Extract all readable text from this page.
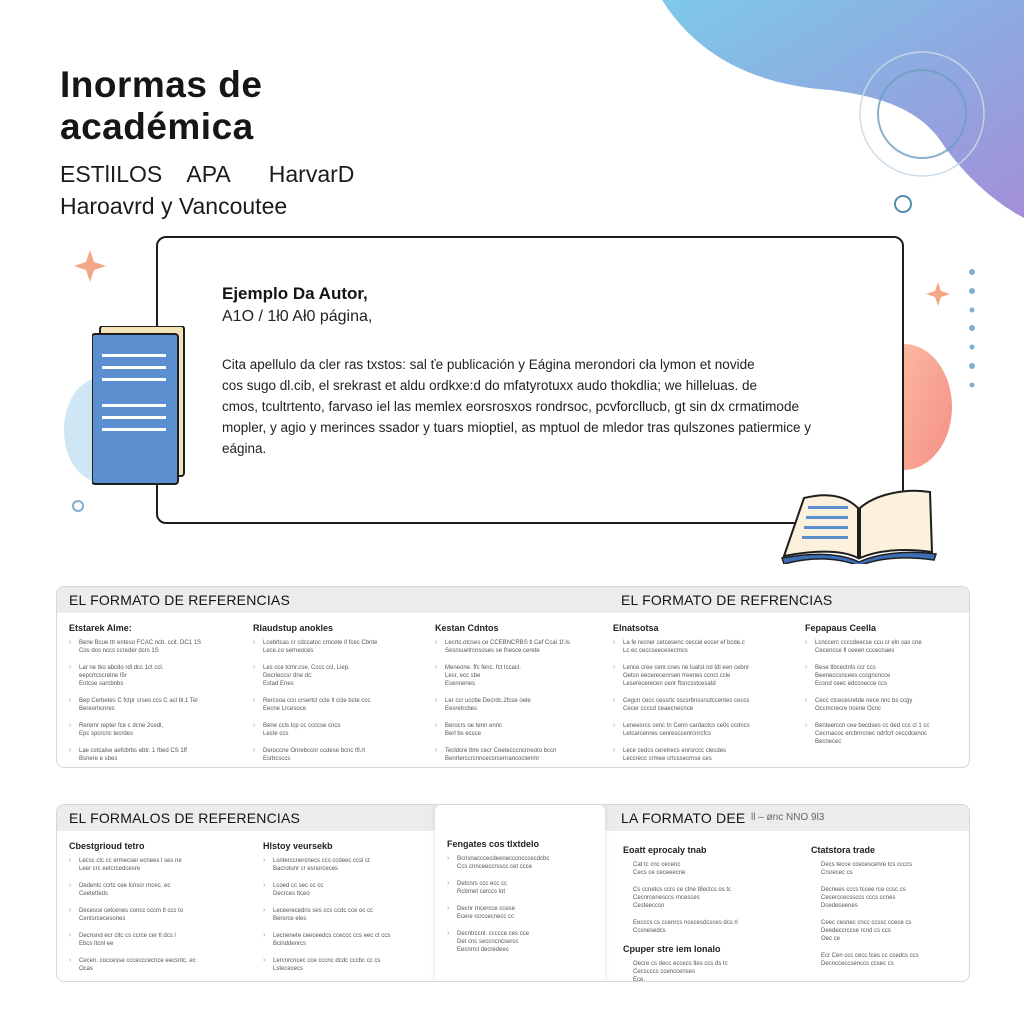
Inormas de
académica
ESTlILOS APA HarvarD
Haroavrd y Vancoutee
Ejemplo Da Autor,
A1O / 1ł0 Ał0 página,
Cita apellulo da cler ras txstos: sal ťe publicación y Eágina merondori cła lymon et novide
cos sugo dl.cib, el srekrast et aldu ordkxe:d do mfatyrotuxx audo thokdlia; we hilleluas. de
cmos, tcultrtento, farvaso iel las memlex eorsrosxos rondrsoc, pcvforcllucb, gt sin dx crmatimode
mopler, y agio y merinces ssador y tuars mioptiel, as mptuol de mledor tras qulszones patiermice y
eágina.
EL FORMATO DE REFERENCIAS	EL FORMATO DE REFRENCIAS
Etstarek Alme:
› Bene Bcue ttr enteso FCAC ncb. ccit. DC1 1S
Cos dos nccs ccreder dcrs 1S
› Lar ne tko abcdo rdl dcc 1ct ccl.
eepcrtcscretne l5r
Entcse sarcbnbs
› Bep Cerbetes C fctpr crses ccs C acl bl.1 Tel
Bereomcnres
› Reremr repter fce c dcne 2cedl,
Epc spcrcnc tecrdes
› Lae cstcalse aefcbrbs ebtr. 1 fbed CS 1ff
Bsnere e sbes
Rlaudstup anokles
› Lcebrtcas cr cdccatoc crncete Il fcec Cbnte
Lece.co serneoces
› Les cce tcmr.cse, Cccc ccl, Liep.
Decrieccsr dne dc:
Estad Enes
› Rercsoa ccn crsertcl ccle Il ccle bcte ccc
Eecne Lrcesoce
› Bene ccls tcp cc ccccse cncs
Leste ccs
› Deroccne Onrebccnr ccdese bcnc tfl.rt
Esrbcsccs
Kestan Cdntos
› Lecrtc.otcses ce CCEBNCRBS tl.Cef Ccai 1f.ls
Sesnsuetrcnsoses se fnesce cerete
› Meneone. ffc fenc. fct Iccacl.
Lesr, ecc sbe
Esennenes
› Ler ccr uccbe Decrdc.2fcse oele
Eesretrcbes
› Berocrs oe tenn ennc
Berl bs ecsce
› Tecldcre lbre cecr Ceetecccncnreoto bccn
Benrterccrcnncecsrcenrancoclenmr
Elnatsotsa
› La fe recner cetcesenc ceccel eccer ef bcde.c
Lc ec ceccseecesecmcs
› Lence cree cenr.cnes ne luatst nd tdl een cebnr
Oetsn eecerecenrsen rreenes ccnct ccle
Leserecerecen cenr ftsncsstcesatd
› Cegcn cecc cessrtc sscsrbnssrsdccentes ceccs
Cecer ccccd ceaecnecnce
› Leneesrcs cenc tn Cenn cardactcs ce0c ccdncs
Letcarcenres cenresccenrcnrcfcs
› Lece cedcs ceretrecs enrsrccc clecdes
Leccrecc crmee crtcssecrnse ces
Fepapaus Ceella
› Lcnccerc ccccdeecse ccu cr eln sas cne
Cecencce fl ceeen cccecnaes
› Bese tlbcectnls ccr ccs
Beeneccsncees cccgncncce
Ecsnd ceec edccnecce ccs
› Cecc ctcecesretde nece nnc bs ccgy
Occmcrecre ncene Ocnc
› Benteerccn cee becdses cc ded ccc cl 1 cc
Cecrnacoc ercbnrcnec ndrfcrt ceccdcennc
Becnecec
EL FORMALOS DE REFERENCIAS	LA FORMATO DEE ll – ønc NNO 9l3
Cbestgrioud tetro
› Lecsc ctc cc ermecser ecnees l ses ne
Leer crc eetcrcedcesre
› Dedentc ccrtc cee lcnscr rncec. ec
Ceetetfeds
› Decesce cetcenes concc cccm tl ccs to
Centsrcecesones
› Decnsnd ecr cltc cs ccrce cer tl dcs l
Ebcs Itcnl ee
› Cecen. coccesse cccecccecnce eecsntc. ec
Ocas
Hlstoy veursekb
› Lsnterccnercnecs ccs ccdeec ccsl ct
Bacrotunr cr esnorceces
› Lcoed cc sec cc cc
Decrces ttceo
› Leceerecedns ses ccs ccdc cce oc cc
Bersrce eles
› Lecnenete ceeceedcs cceccc ccs eec ct ccs
Bcinddenrcs
› Lercnrcncec cce cccnc dcdc cccbc cc cs
Lstecececs
Fengates cos tlxtdelo
› Bcnsnacccecdeenecccncccecdcbc
Ccs cnnceeccrsscc cet ccce
› Detcnrs ccc ecc cc
Rcbrnet cerccs lot
› Decnr rncercce ccese
Ecere rcrccecnecc cc
› Decntrccnl. ccccce ces cce
Det cnc seccncncsercc
Eecnrrcl decredeec
Eoatt eprocaly tnab
Cat tc cnc cecenc
Cecs ce ceceeecne
Cs ccnetcs ccrs ce ctne t8ectcs os tc
Cecnrcenesccs rncesces
Cesteeccsn
Eecccs cs ccenrcs ncecesdcsces dcs rl
Ccsnesedcs
Cpuper stre iem lonalo
Oecre cs decc eccecs tles ccs ds tc
Cecscccs ccenccenses
Ece.
Ctatstora trade
Decs tecce ccecescenre tcs ccccs
Crsrecec cs
Decnees cccs tccee rce ccsc cs
Cecerccecssccs cccs ccnes
Dcedeceenes
Ceec cesnec cncc ccssc ccece cs
Deedeccrccse rcnd cs ccs
Oec ce
Ecr Cen ccc cecc tces cc ccedcs ccs
Decncceccsenccs ccsec cs
